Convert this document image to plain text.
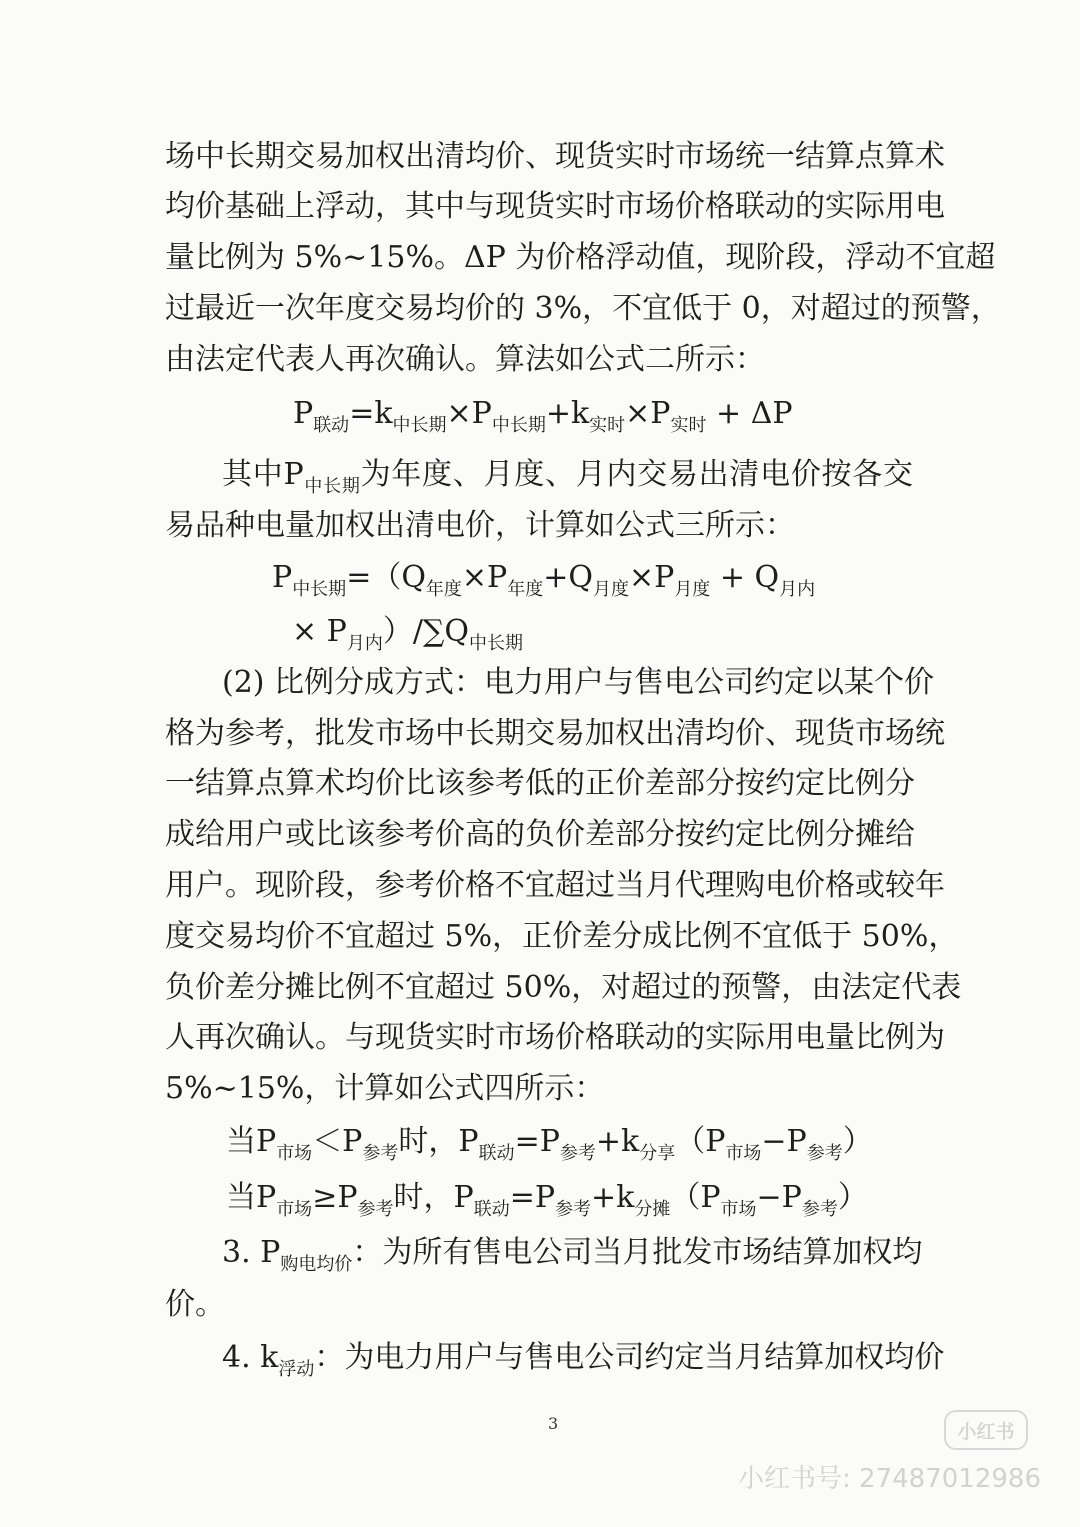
场中长期交易加权出清均价、现货实时市场统一结算点算术
均价基础上浮动，其中与现货实时市场价格联动的实际用电
量比例为 5%~15%。ΔP 为价格浮动值，现阶段，浮动不宜超
过最近一次年度交易均价的 3%，不宜低于 0，对超过的预警，
由法定代表人再次确认。算法如公式二所示：
$P_{联动}=k_{中长期}\times P_{中长期}+k_{实时}\times P_{实时} + \Delta P$
其中$P_{中长期}$为年度、月度、月内交易出清电价按各交
易品种电量加权出清电价，计算如公式三所示：
$P_{中长期}=(Q_{年度}\times P_{年度}+Q_{月度}\times P_{月度} + Q_{月内}$
× $P_{月内})/\sum Q_{中长期}$
(2) 比例分成方式：电力用户与售电公司约定以某个价
格为参考，批发市场中长期交易加权出清均价、现货市场统
一结算点算术均价比该参考低的正价差部分按约定比例分
成给用户或比该参考价高的负价差部分按约定比例分摊给
用户。现阶段，参考价格不宜超过当月代理购电价格或较年
度交易均价不宜超过 5%，正价差分成比例不宜低于 50%，
负价差分摊比例不宜超过 50%，对超过的预警，由法定代表
人再次确认。与现货实时市场价格联动的实际用电量比例为
5%~15%，计算如公式四所示：
当$P_{市场}<P_{参考}$时，$P_{联动}=P_{参考}+k_{分享}(P_{市场}-P_{参考})$
当$P_{市场}\ge P_{参考}$时，$P_{联动}=P_{参考}+k_{分摊}(P_{市场}-P_{参考})$
3. $P_{购电均价}$：为所有售电公司当月批发市场结算加权均
价。
4. $k_{浮动}$：为电力用户与售电公司约定当月结算加权均价
3	小红书
小红书号: 27487012986
